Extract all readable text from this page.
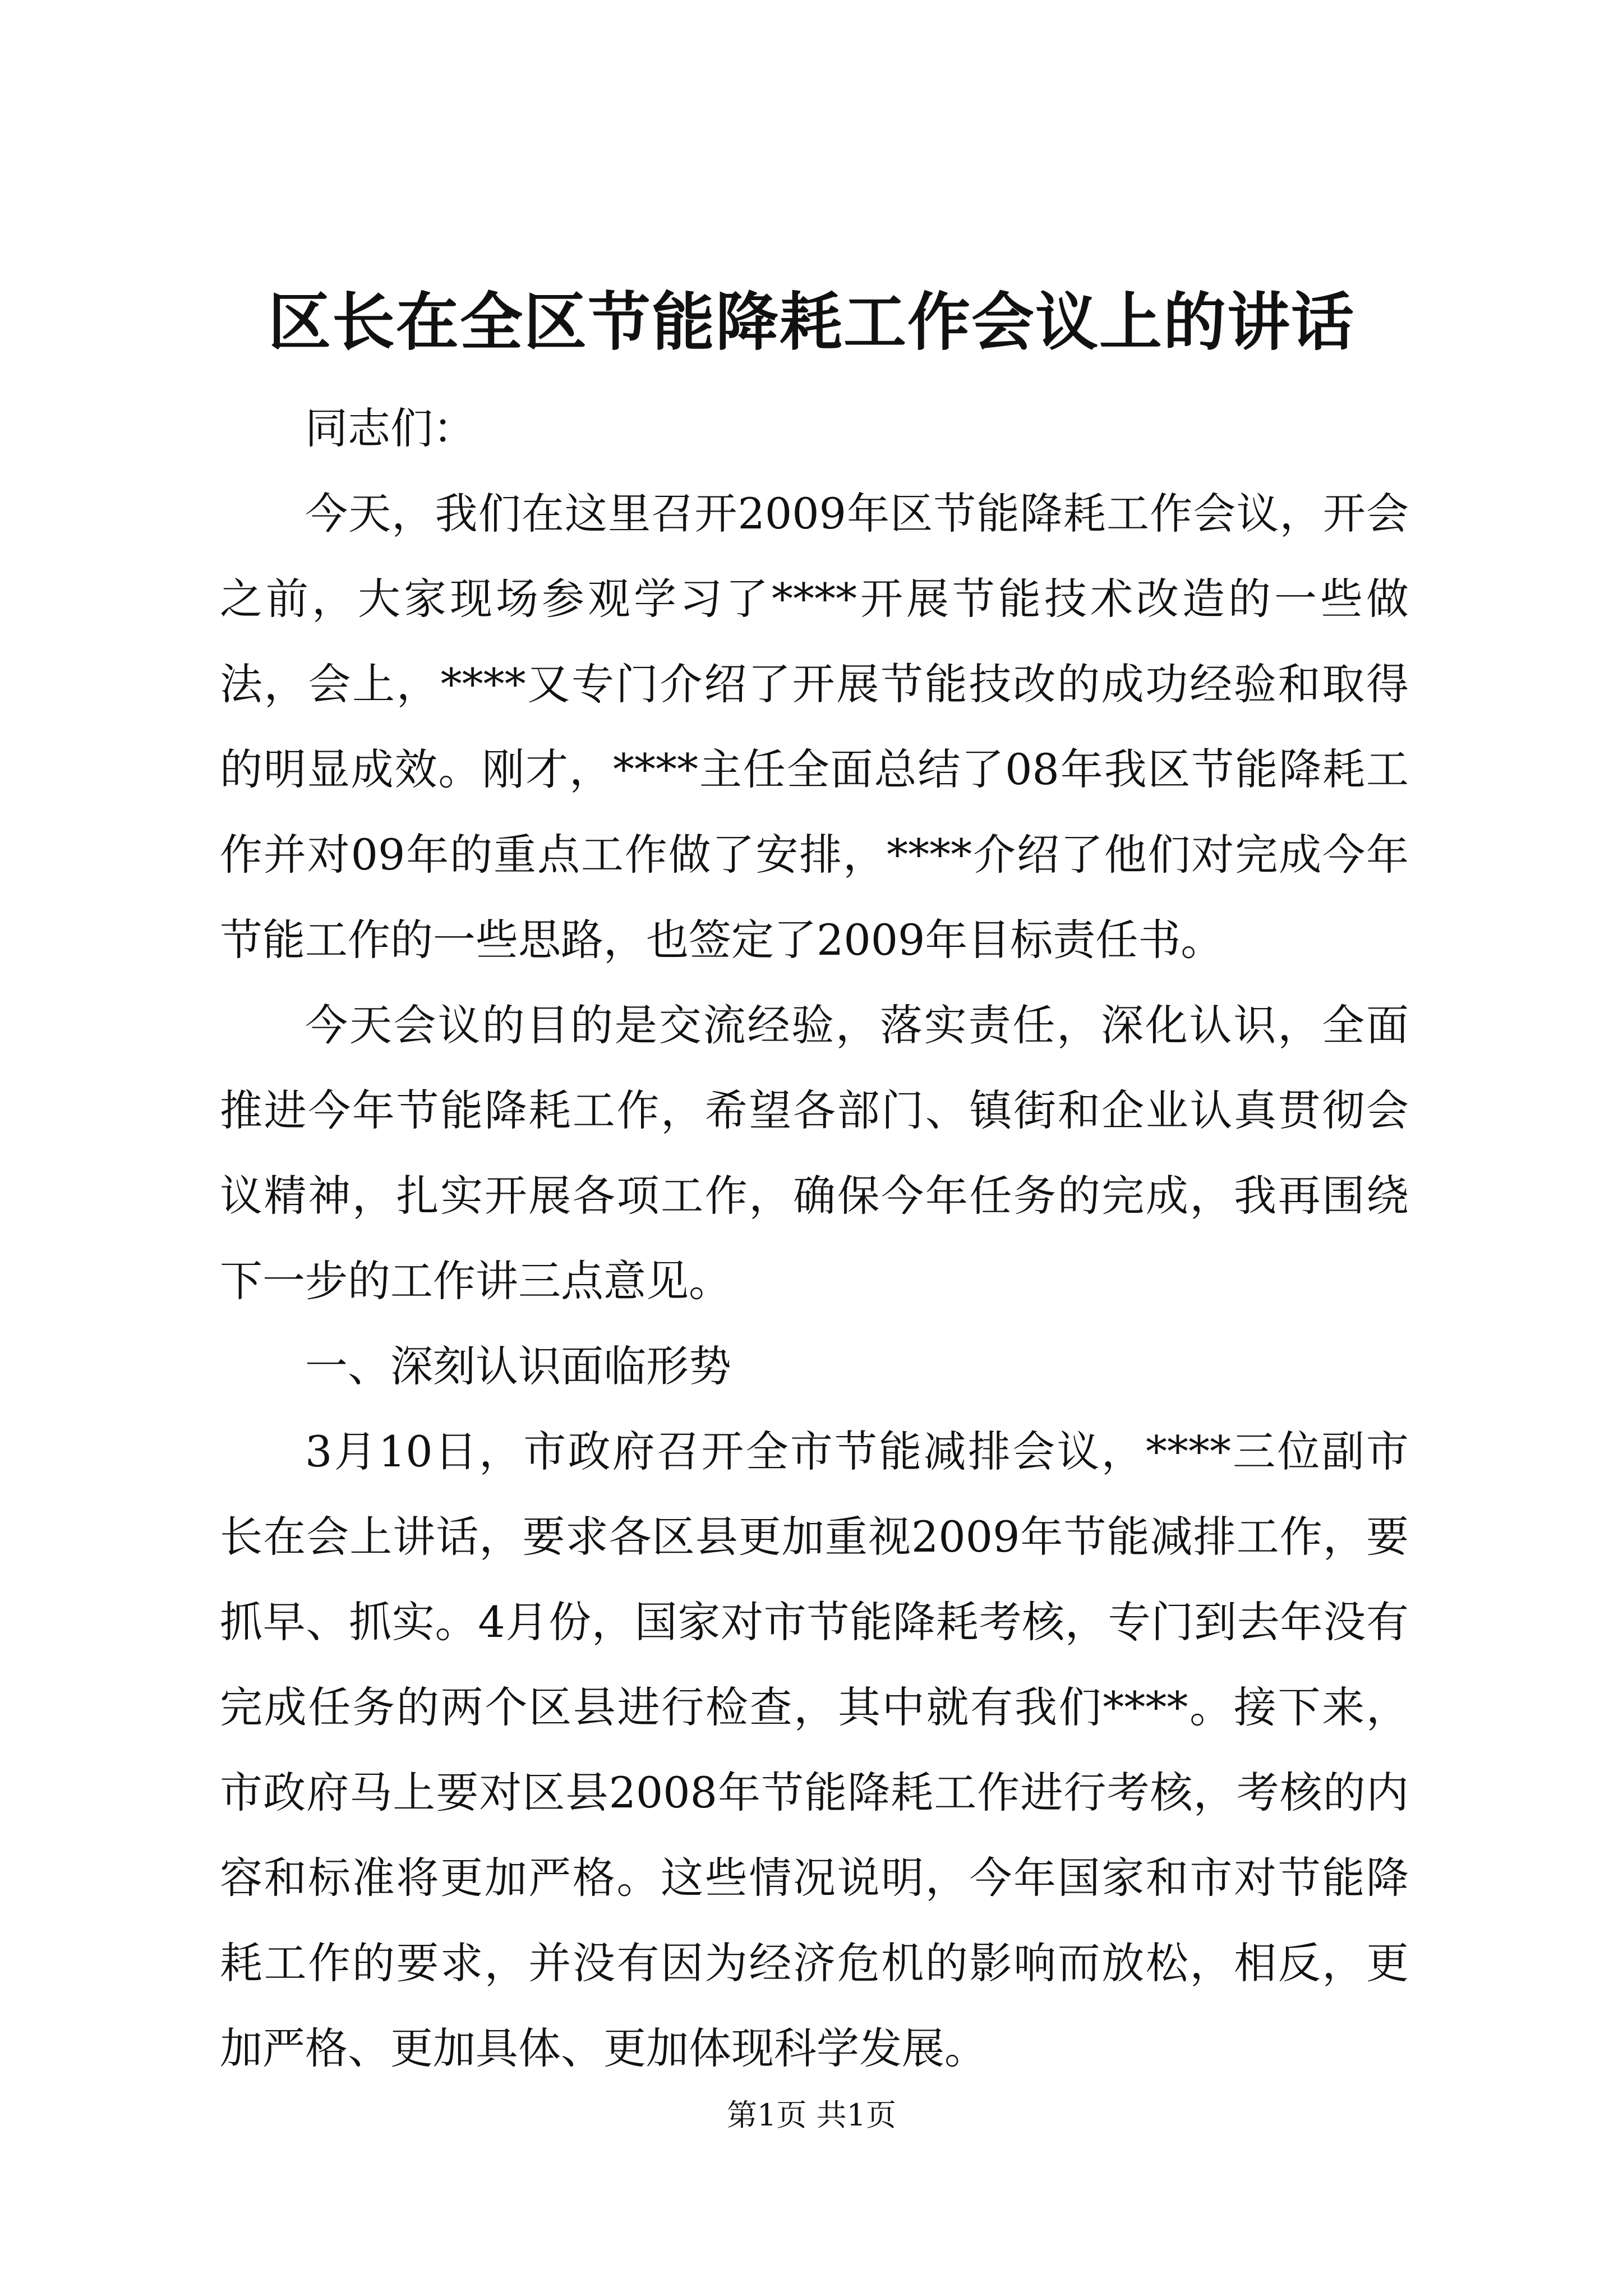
区长在全区节能降耗工作会议上的讲话

同志们：

今天，我们在这里召开2009年区节能降耗工作会议，开会之前，大家现场参观学习了****开展节能技术改造的一些做法，会上，****又专门介绍了开展节能技改的成功经验和取得的明显成效。刚才，****主任全面总结了08年我区节能降耗工作并对09年的重点工作做了安排，****介绍了他们对完成今年节能工作的一些思路，也签定了2009年目标责任书。

今天会议的目的是交流经验，落实责任，深化认识，全面推进今年节能降耗工作，希望各部门、镇街和企业认真贯彻会议精神，扎实开展各项工作，确保今年任务的完成，我再围绕下一步的工作讲三点意见。

一、深刻认识面临形势

3月10日，市政府召开全市节能减排会议，****三位副市长在会上讲话，要求各区县更加重视2009年节能减排工作，要抓早、抓实。4月份，国家对市节能降耗考核，专门到去年没有完成任务的两个区县进行检查，其中就有我们****。接下来，市政府马上要对区县2008年节能降耗工作进行考核，考核的内容和标准将更加严格。这些情况说明，今年国家和市对节能降耗工作的要求，并没有因为经济危机的影响而放松，相反，更加严格、更加具体、更加体现科学发展。

第1页 共1页
